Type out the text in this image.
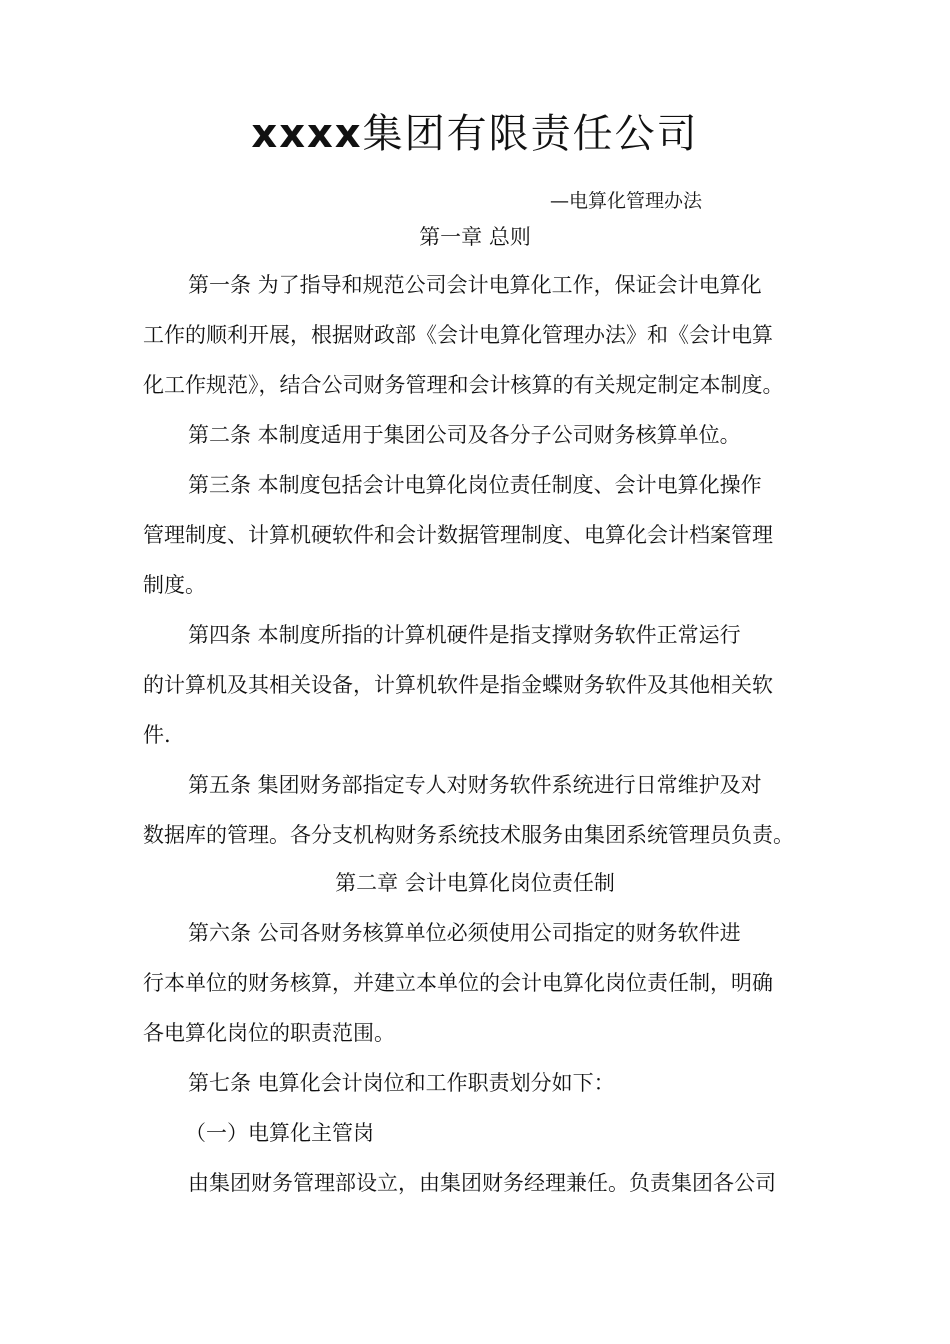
xxxx集团有限责任公司
—电算化管理办法
第一章 总则
第一条 为了指导和规范公司会计电算化工作，保证会计电算化
工作的顺利开展，根据财政部《会计电算化管理办法》和《会计电算
化工作规范》，结合公司财务管理和会计核算的有关规定制定本制度。
第二条 本制度适用于集团公司及各分子公司财务核算单位。
第三条 本制度包括会计电算化岗位责任制度、会计电算化操作
管理制度、计算机硬软件和会计数据管理制度、电算化会计档案管理
制度。
第四条 本制度所指的计算机硬件是指支撑财务软件正常运行
的计算机及其相关设备，计算机软件是指金蝶财务软件及其他相关软
件.
第五条 集团财务部指定专人对财务软件系统进行日常维护及对
数据库的管理。各分支机构财务系统技术服务由集团系统管理员负责。
第二章 会计电算化岗位责任制
第六条 公司各财务核算单位必须使用公司指定的财务软件进
行本单位的财务核算，并建立本单位的会计电算化岗位责任制，明确
各电算化岗位的职责范围。
第七条 电算化会计岗位和工作职责划分如下：
（一）电算化主管岗
由集团财务管理部设立，由集团财务经理兼任。负责集团各公司
